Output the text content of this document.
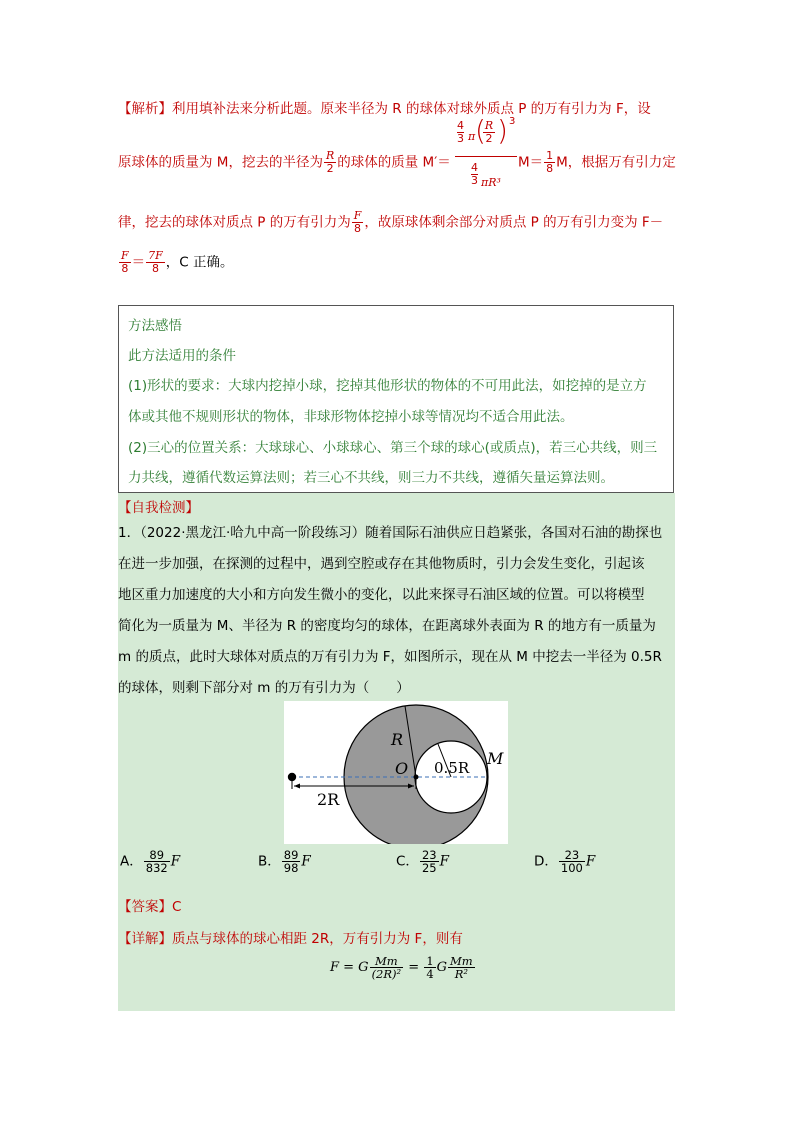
【解析】利用填补法来分析此题。原来半径为 R 的球体对球外质点 P 的万有引力为 F，设
原球体的质量为 M，挖去的半径为 $\frac{R}{2}$ 的球体的质量 M′＝
4
3 π (
R
2 ) 3
4
3 πR³
$M= \frac{1}{8}$ M，根据万有引力定
律，挖去的球体对质点 P 的万有引力为 $\frac{F}{8}$ ，故原球体剩余部分对质点 P 的万有引力变为 F－
$\frac{F}{8} = \frac{7F}{8}$ ，C 正确。
方法感悟
此方法适用的条件
(1)形状的要求：大球内挖掉小球，挖掉其他形状的物体的不可用此法，如挖掉的是立方
体或其他不规则形状的物体，非球形物体挖掉小球等情况均不适合用此法。
(2)三心的位置关系：大球球心、小球球心、第三个球的球心(或质点)，若三心共线，则三
力共线，遵循代数运算法则；若三心不共线，则三力不共线，遵循矢量运算法则。
【自我检测】
1．（2022·黑龙江·哈九中高一阶段练习）随着国际石油供应日趋紧张，各国对石油的勘探也
在进一步加强，在探测的过程中，遇到空腔或存在其他物质时，引力会发生变化，引起该
地区重力加速度的大小和方向发生微小的变化，以此来探寻石油区域的位置。可以将模型
简化为一质量为 M、半径为 R 的密度均匀的球体，在距离球外表面为 R 的地方有一质量为
m 的质点，此时大球体对质点的万有引力为 F，如图所示，现在从 M 中挖去一半径为 0.5R
的球体，则剩下部分对 m 的万有引力为（　　）
R
O 0.5R M
2R
A． $\frac{89}{832}$ F	B． $\frac{89}{98}$ F	C． $\frac{23}{25}$ F	D． $\frac{23}{100}$ F
【答案】C
【详解】质点与球体的球心相距 2R，万有引力为 F，则有
F = G $\frac{Mm}{\text{(2R)²}} = \frac{1}{4}$ G $\frac{Mm}{\text{R²}}$
